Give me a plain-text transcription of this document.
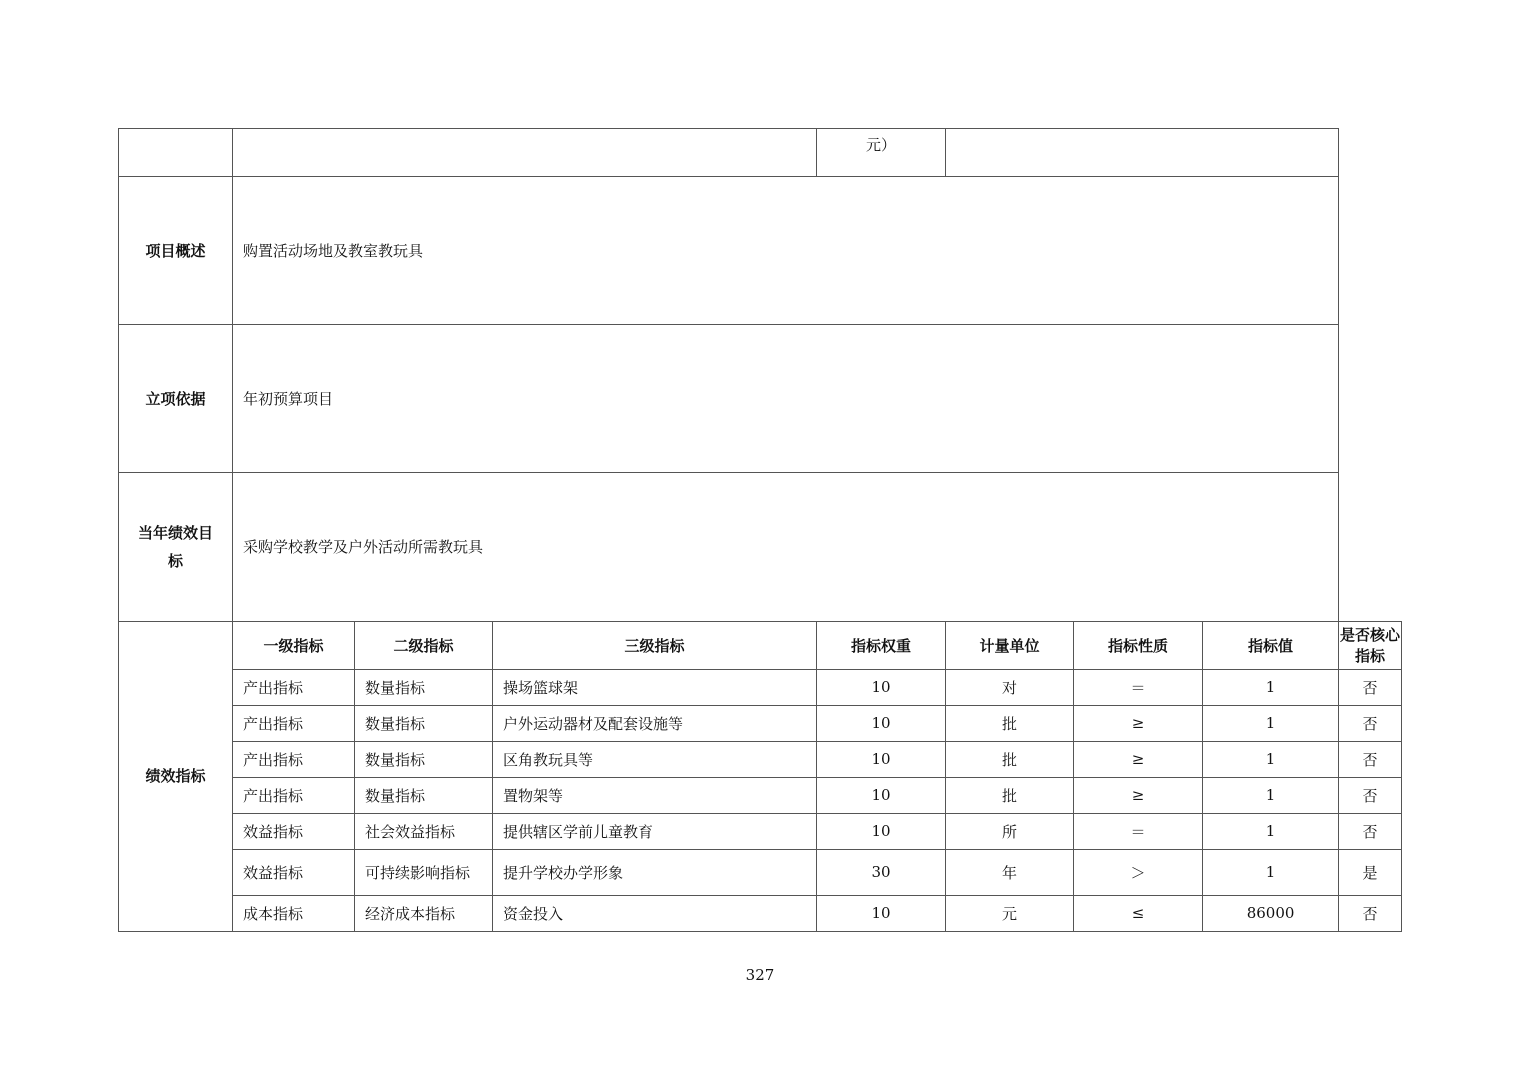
				元）				
项目概述	购置活动场地及教室教玩具							

立项依据	年初预算项目							

当年绩效目标	采购学校教学及户外活动所需教玩具							

绩效指标	一级指标	二级指标	三级指标	指标权重	计量单位	指标性质	指标值	是否核心指标
	产出指标	数量指标	操场篮球架	10	对	＝	1	否
	产出指标	数量指标	户外运动器材及配套设施等	10	批	≥	1	否
	产出指标	数量指标	区角教玩具等	10	批	≥	1	否
	产出指标	数量指标	置物架等	10	批	≥	1	否
	效益指标	社会效益指标	提供辖区学前儿童教育	10	所	＝	1	否
	效益指标	可持续影响指标	提升学校办学形象	30	年	＞	1	是
	成本指标	经济成本指标	资金投入	10	元	≤	86000	否
327
